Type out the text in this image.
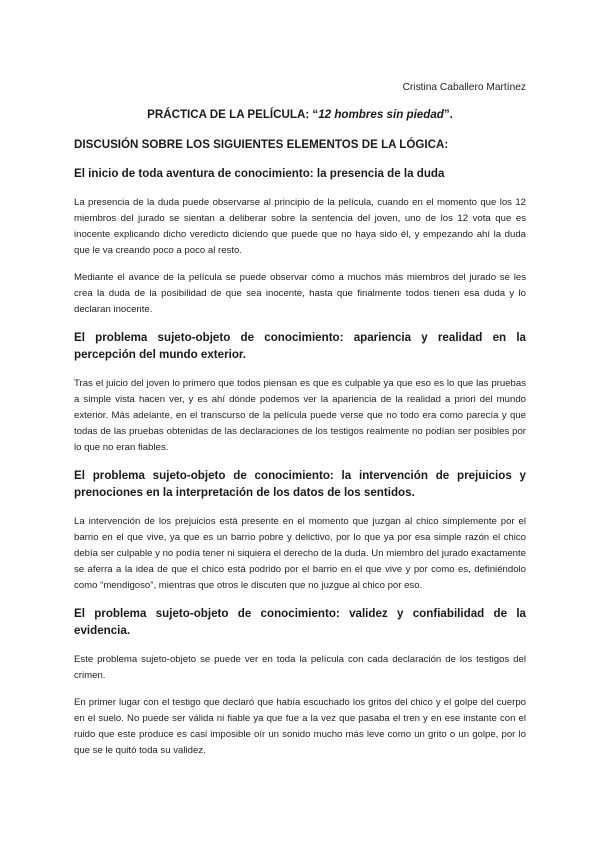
Cristina Caballero Martínez
PRÁCTICA DE LA PELÍCULA: “12 hombres sin piedad”.
DISCUSIÓN SOBRE LOS SIGUIENTES ELEMENTOS DE LA LÓGICA:
El inicio de toda aventura de conocimiento: la presencia de la duda

La presencia de la duda puede observarse al principio de la película, cuando en el momento que los 12 miembros del jurado se sientan a deliberar sobre la sentencia del joven, uno de los 12 vota que es inocente explicando dicho veredicto diciendo que puede que no haya sido él, y empezando ahí la duda que le va creando poco a poco al resto.

Mediante el avance de la película se puede observar cómo a muchos más miembros del jurado se les crea la duda de la posibilidad de que sea inocente, hasta que finalmente todos tienen esa duda y lo declaran inocente.

El problema sujeto-objeto de conocimiento: apariencia y realidad en la percepción del mundo exterior.

Tras el juicio del joven lo primero que todos piensan es que es culpable ya que eso es lo que las pruebas a simple vista hacen ver, y es ahí dónde podemos ver la apariencia de la realidad a priori del mundo exterior. Más adelante, en el transcurso de la película puede verse que no todo era como parecía y que todas de las pruebas obtenidas de las declaraciones de los testigos realmente no podían ser posibles por lo que no eran fiables.

El problema sujeto-objeto de conocimiento: la intervención de prejuicios y prenociones en la interpretación de los datos de los sentidos.

La intervención de los prejuicios está presente en el momento que juzgan al chico simplemente por el barrio en el que vive, ya que es un barrio pobre y delictivo, por lo que ya por esa simple razón el chico debía ser culpable y no podía tener ni siquiera el derecho de la duda. Un miembro del jurado exactamente se aferra a la idea de que el chico está podrido por el barrio en el que vive y por como es, definiéndolo como “mendigoso”, mientras que otros le discuten que no juzgue al chico por eso.

El problema sujeto-objeto de conocimiento: validez y confiabilidad de la evidencia.

Este problema sujeto-objeto se puede ver en toda la película con cada declaración de los testigos del crimen.

En primer lugar con el testigo que declaró que había escuchado los gritos del chico y el golpe del cuerpo en el suelo. No puede ser válida ni fiable ya que fue a la vez que pasaba el tren y en ese instante con el ruido que este produce es casi imposible oír un sonido mucho más leve como un grito o un golpe, por lo que se le quitó toda su validez.
